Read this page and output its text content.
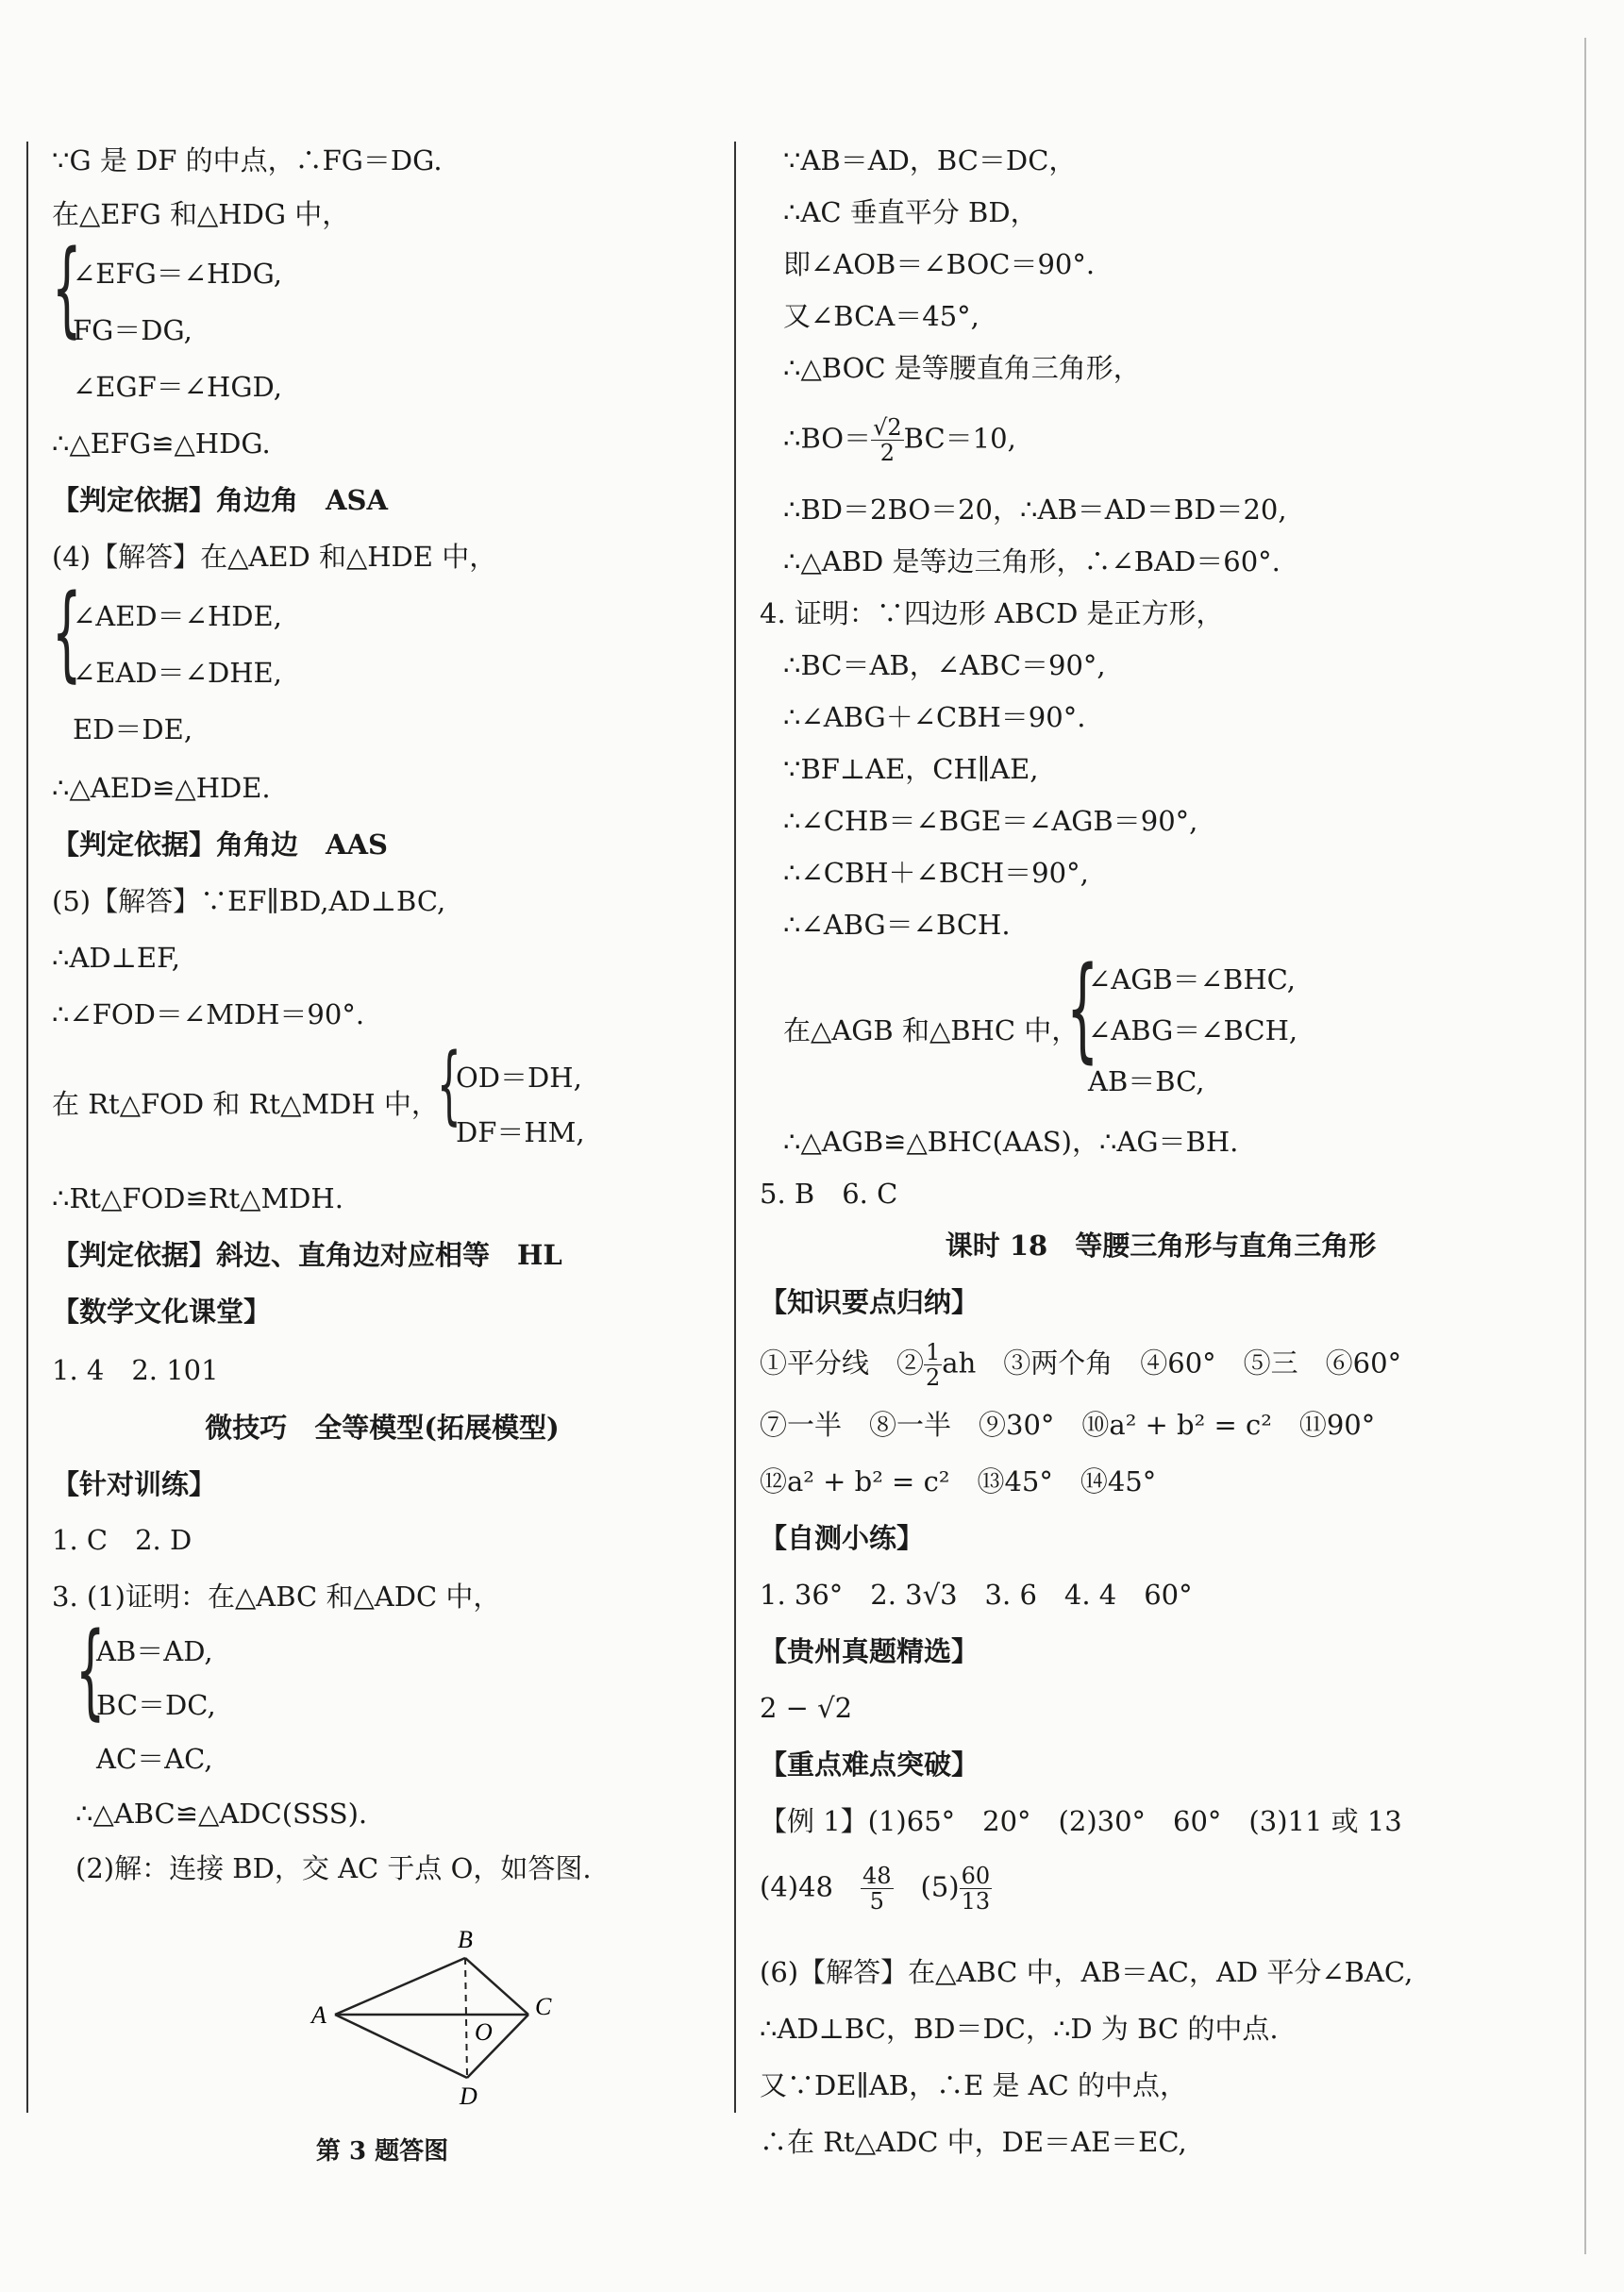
∵G 是 DF 的中点，∴FG＝DG.
在△EFG 和△HDG 中，
{
∠EFG＝∠HDG,
FG＝DG,
∠EGF＝∠HGD,
∴△EFG≌△HDG.
【判定依据】角边角　ASA
(4)【解答】在△AED 和△HDE 中，
{
∠AED＝∠HDE,
∠EAD＝∠DHE,
ED＝DE,
∴△AED≌△HDE.
【判定依据】角角边　AAS
(5)【解答】∵EF∥BD,AD⊥BC,
∴AD⊥EF,
∴∠FOD＝∠MDH＝90°.
在 Rt△FOD 和 Rt△MDH 中，
{
OD＝DH,
DF＝HM,
∴Rt△FOD≌Rt△MDH.
【判定依据】斜边、直角边对应相等　HL
【数学文化课堂】
1. 4　2. 101
微技巧　全等模型(拓展模型)
【针对训练】
1. C　2. D
3. (1)证明：在△ABC 和△ADC 中，
{
AB＝AD,
BC＝DC,
AC＝AC,
∴△ABC≌△ADC(SSS).
(2)解：连接 BD，交 AC 于点 O，如答图.
B
A
O
C
D
第 3 题答图
∵AB＝AD，BC＝DC，
∴AC 垂直平分 BD，
即∠AOB＝∠BOC＝90°.
又∠BCA＝45°,
∴△BOC 是等腰直角三角形，
∴BO＝ $\frac{√2}{2} BC=10$,
∴BD＝2BO＝20，∴AB＝AD＝BD＝20,
∴△ABD 是等边三角形，∴∠BAD＝60°.
4. 证明：∵四边形 ABCD 是正方形，
∴BC＝AB，∠ABC＝90°,
∴∠ABG＋∠CBH＝90°.
∵BF⊥AE，CH∥AE,
∴∠CHB＝∠BGE＝∠AGB＝90°,
∴∠CBH＋∠BCH＝90°,
∴∠ABG＝∠BCH.
{
∠AGB＝∠BHC,
在△AGB 和△BHC 中， ∠ABG＝∠BCH,
AB＝BC,
∴△AGB≌△BHC(AAS)，∴AG＝BH.
5. B　6. C
课时 18　等腰三角形与直角三角形
【知识要点归纳】
①平分线　② $\frac{1}{2}$ ah　③两个角　④60°　⑤三　⑥60°
⑦一半　⑧一半　⑨30°　⑩a² + b² = c²　⑪90°
⑫a² + b² = c²　⑬45°　⑭45°
【自测小练】
1. 36°　2. 3√3　3. 6　4. 4　60°
【贵州真题精选】
2 − √2
【重点难点突破】
【例 1】(1)65°　20°　(2)30°　60°　(3)11 或 13
(4)48　 $\frac{48}{5}$ 　$(5) \frac{60}{13}$
(6)【解答】在△ABC 中，AB＝AC，AD 平分∠BAC,
∴AD⊥BC，BD＝DC，∴D 为 BC 的中点.
又∵DE∥AB，∴E 是 AC 的中点，
∴在 Rt△ADC 中，DE＝AE＝EC,
